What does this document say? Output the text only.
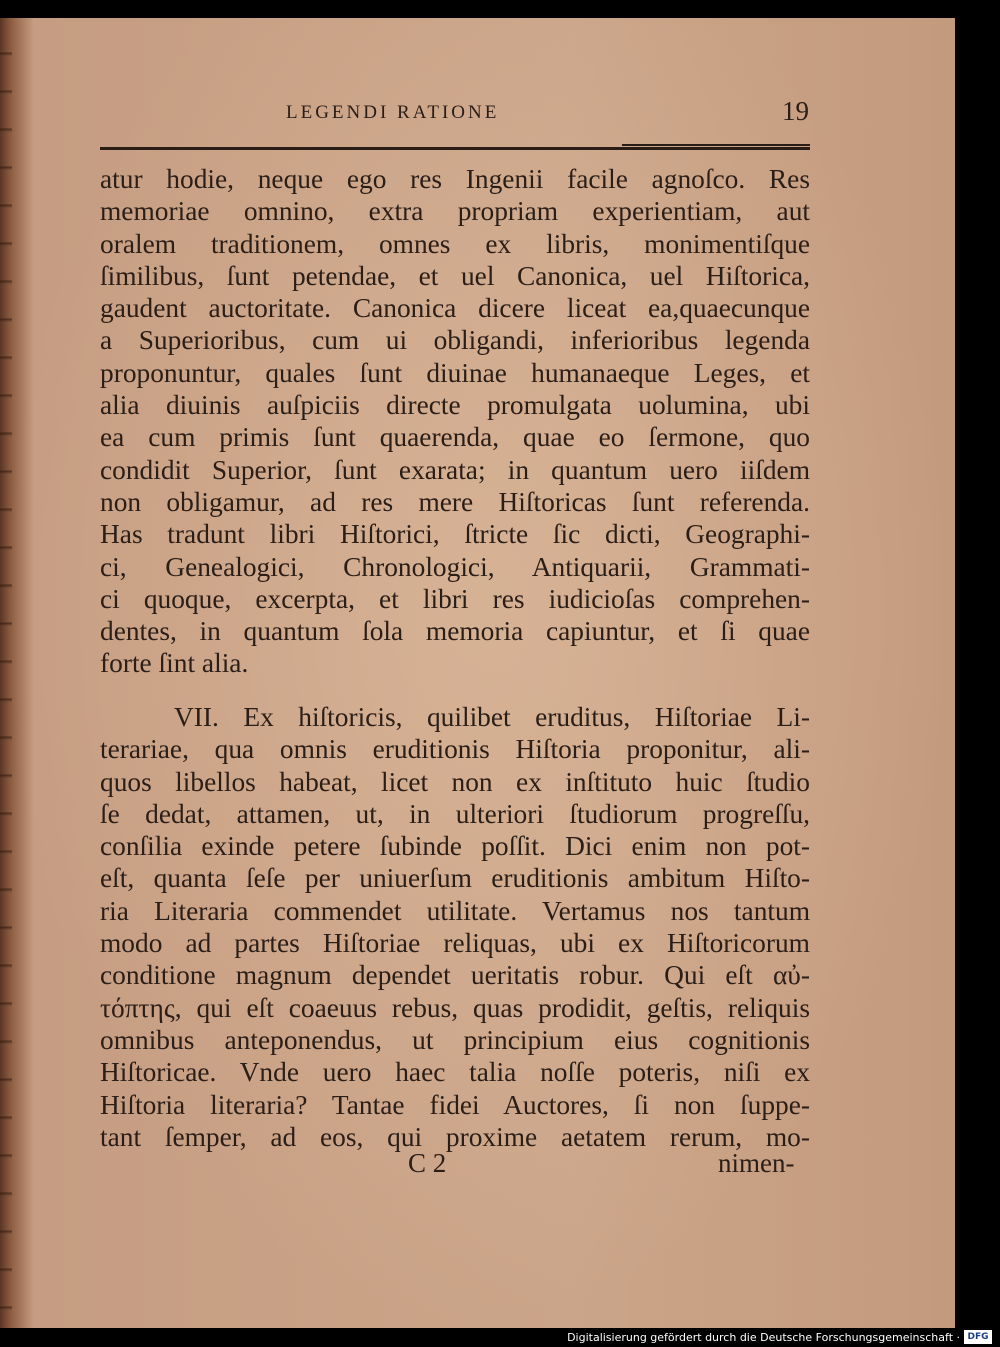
LEGENDI RATIONE	19
atur hodie, neque ego res Ingenii facile agnoſco. Res
memoriae omnino, extra propriam experientiam, aut
oralem traditionem, omnes ex libris, monimentiſque
ſimilibus, ſunt petendae, et uel Canonica, uel Hiſtorica,
gaudent auctoritate. Canonica dicere liceat ea,quaecunque
a Superioribus, cum ui obligandi, inferioribus legenda
proponuntur, quales ſunt diuinae humanaeque Leges, et
alia diuinis auſpiciis directe promulgata uolumina, ubi
ea cum primis ſunt quaerenda, quae eo ſermone, quo
condidit Superior, ſunt exarata; in quantum uero iiſdem
non obligamur, ad res mere Hiſtoricas ſunt referenda.
Has tradunt libri Hiſtorici, ſtricte ſic dicti, Geographi-
ci, Genealogici, Chronologici, Antiquarii, Grammati-
ci quoque, excerpta, et libri res iudicioſas comprehen-
dentes, in quantum ſola memoria capiuntur, et ſi quae
forte ſint alia.
VII. Ex hiſtoricis, quilibet eruditus, Hiſtoriae Li-
terariae, qua omnis eruditionis Hiſtoria proponitur, ali-
quos libellos habeat, licet non ex inſtituto huic ſtudio
ſe dedat, attamen, ut, in ulteriori ſtudiorum progreſſu,
conſilia exinde petere ſubinde poſſit. Dici enim non pot-
eſt, quanta ſeſe per uniuerſum eruditionis ambitum Hiſto-
ria Literaria commendet utilitate. Vertamus nos tantum
modo ad partes Hiſtoriae reliquas, ubi ex Hiſtoricorum
conditione magnum dependet ueritatis robur. Qui eſt αὐ-
τόπτης, qui eſt coaeuus rebus, quas prodidit, geſtis, reliquis
omnibus anteponendus, ut principium eius cognitionis
Hiſtoricae. Vnde uero haec talia noſſe poteris, niſi ex
Hiſtoria literaria? Tantae fidei Auctores, ſi non ſuppe-
tant ſemper, ad eos, qui proxime aetatem rerum, mo-
C 2	nimen-
Digitalisierung gefördert durch die Deutsche Forschungsgemeinschaft · DFG
